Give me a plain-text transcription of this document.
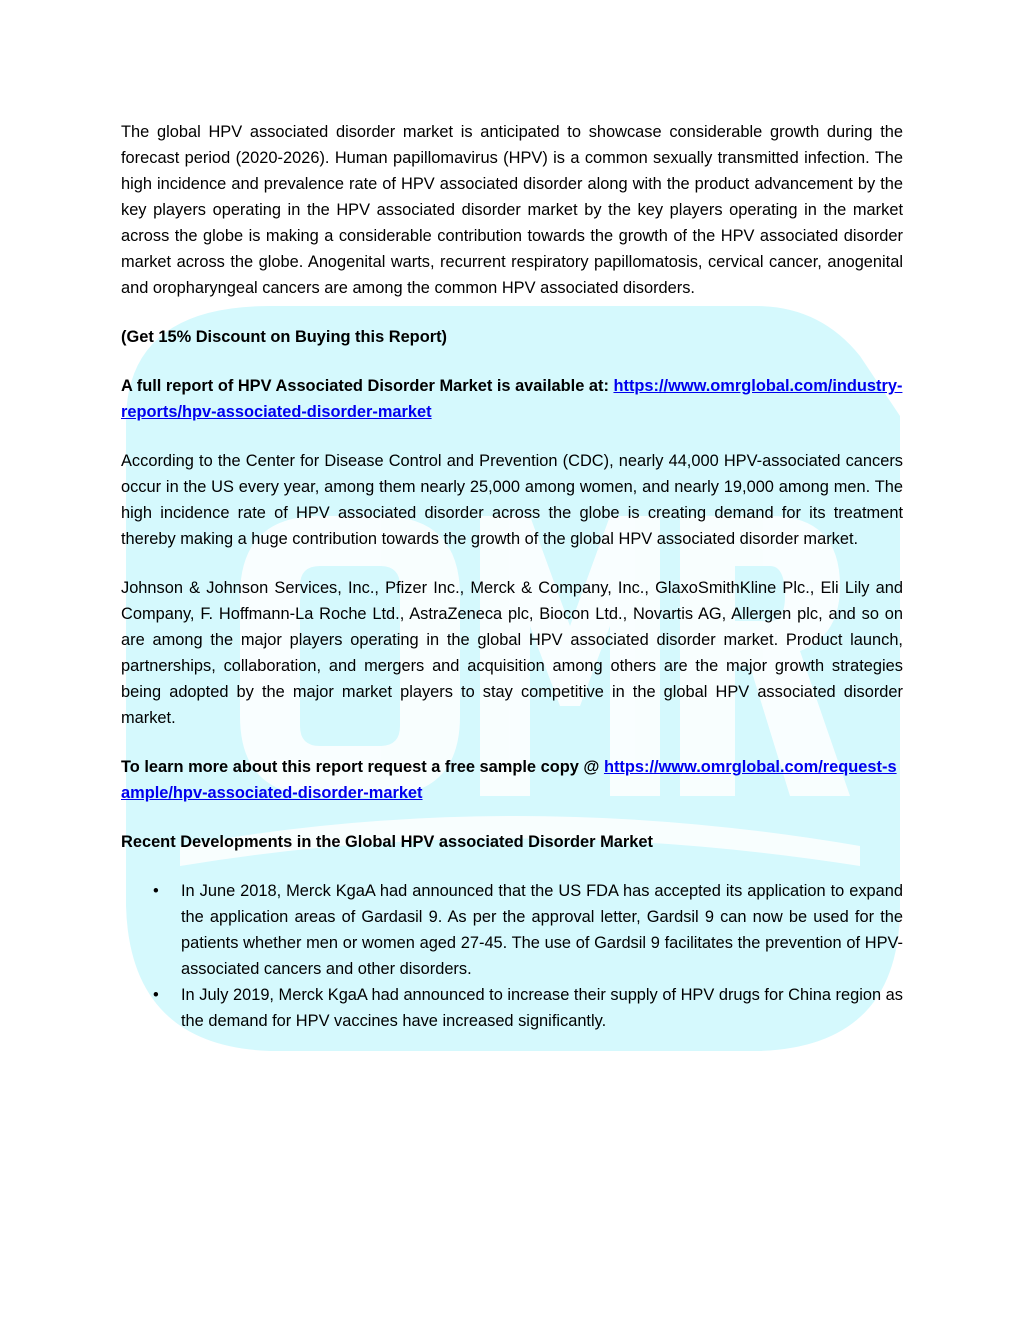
The global HPV associated disorder market is anticipated to showcase considerable growth during the forecast period (2020-2026). Human papillomavirus (HPV) is a common sexually transmitted infection. The high incidence and prevalence rate of HPV associated disorder along with the product advancement by the key players operating in the HPV associated disorder market by the key players operating in the market across the globe is making a considerable contribution towards the growth of the HPV associated disorder market across the globe. Anogenital warts, recurrent respiratory papillomatosis, cervical cancer, anogenital and oropharyngeal cancers are among the common HPV associated disorders.

(Get 15% Discount on Buying this Report)

A full report of HPV Associated Disorder Market is available at: https://www.omrglobal.com/industry-reports/hpv-associated-disorder-market

According to the Center for Disease Control and Prevention (CDC), nearly 44,000 HPV-associated cancers occur in the US every year, among them nearly 25,000 among women, and nearly 19,000 among men. The high incidence rate of HPV associated disorder across the globe is creating demand for its treatment thereby making a huge contribution towards the growth of the global HPV associated disorder market.

Johnson & Johnson Services, Inc., Pfizer Inc., Merck & Company, Inc., GlaxoSmithKline Plc., Eli Lily and Company, F. Hoffmann-La Roche Ltd., AstraZeneca plc, Biocon Ltd., Novartis AG, Allergen plc, and so on are among the major players operating in the global HPV associated disorder market. Product launch, partnerships, collaboration, and mergers and acquisition among others are the major growth strategies being adopted by the major market players to stay competitive in the global HPV associated disorder market.

To learn more about this report request a free sample copy @ https://www.omrglobal.com/request-sample/hpv-associated-disorder-market

Recent Developments in the Global HPV associated Disorder Market

• In June 2018, Merck KgaA had announced that the US FDA has accepted its application to expand the application areas of Gardasil 9. As per the approval letter, Gardsil 9 can now be used for the patients whether men or women aged 27-45. The use of Gardsil 9 facilitates the prevention of HPV-associated cancers and other disorders.
• In July 2019, Merck KgaA had announced to increase their supply of HPV drugs for China region as the demand for HPV vaccines have increased significantly.
